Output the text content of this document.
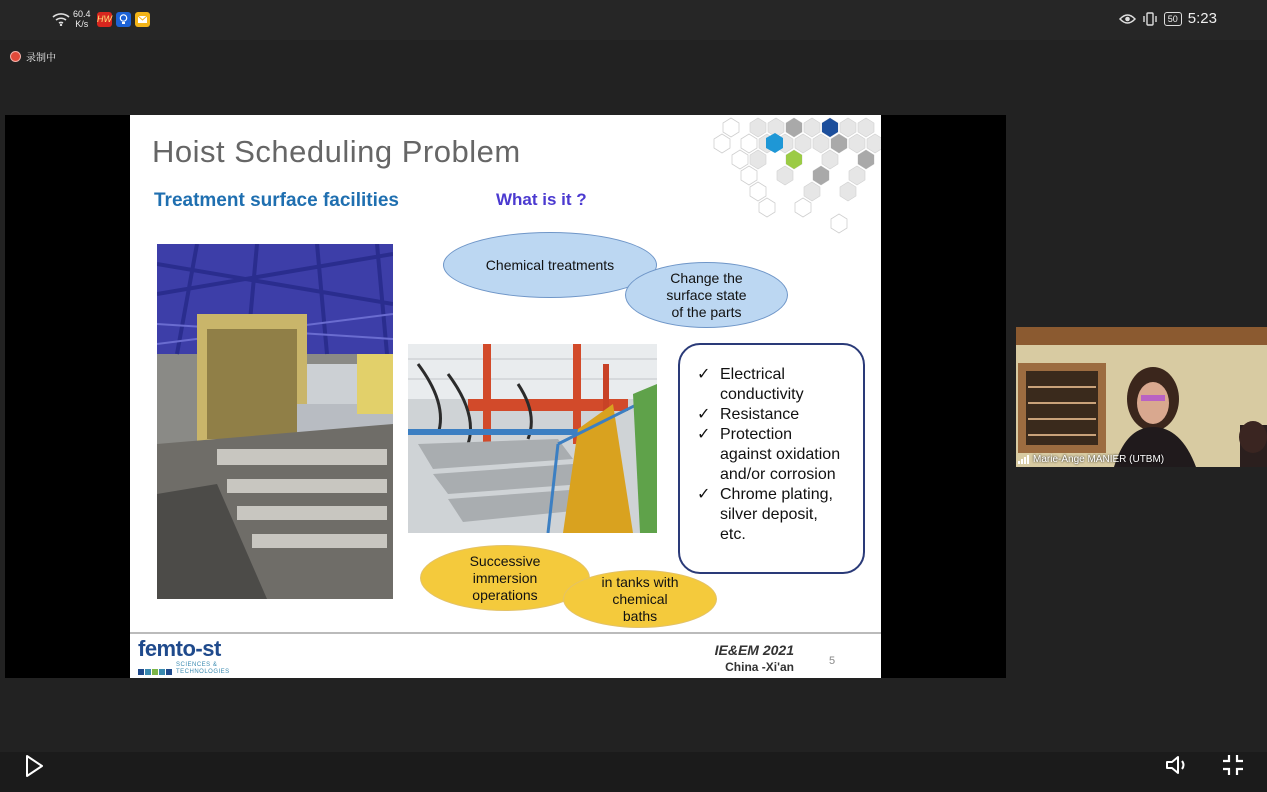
60.4
K/s HW	50 5:23
录制中
Hoist Scheduling Problem
Treatment surface facilities	What is it ?
Chemical treatments
Change the
surface state
of the parts
Successive
immersion
operations
in tanks with
chemical
baths
✓ Electrical
conductivity
✓ Resistance
✓ Protection
against oxidation
and/or corrosion
✓ Chrome plating,
silver deposit,
etc.
femto-st
SCIENCES &
TECHNOLOGIES
IE&EM 2021
China -Xi'an	5
Marie-Ange MANIER (UTBM)
